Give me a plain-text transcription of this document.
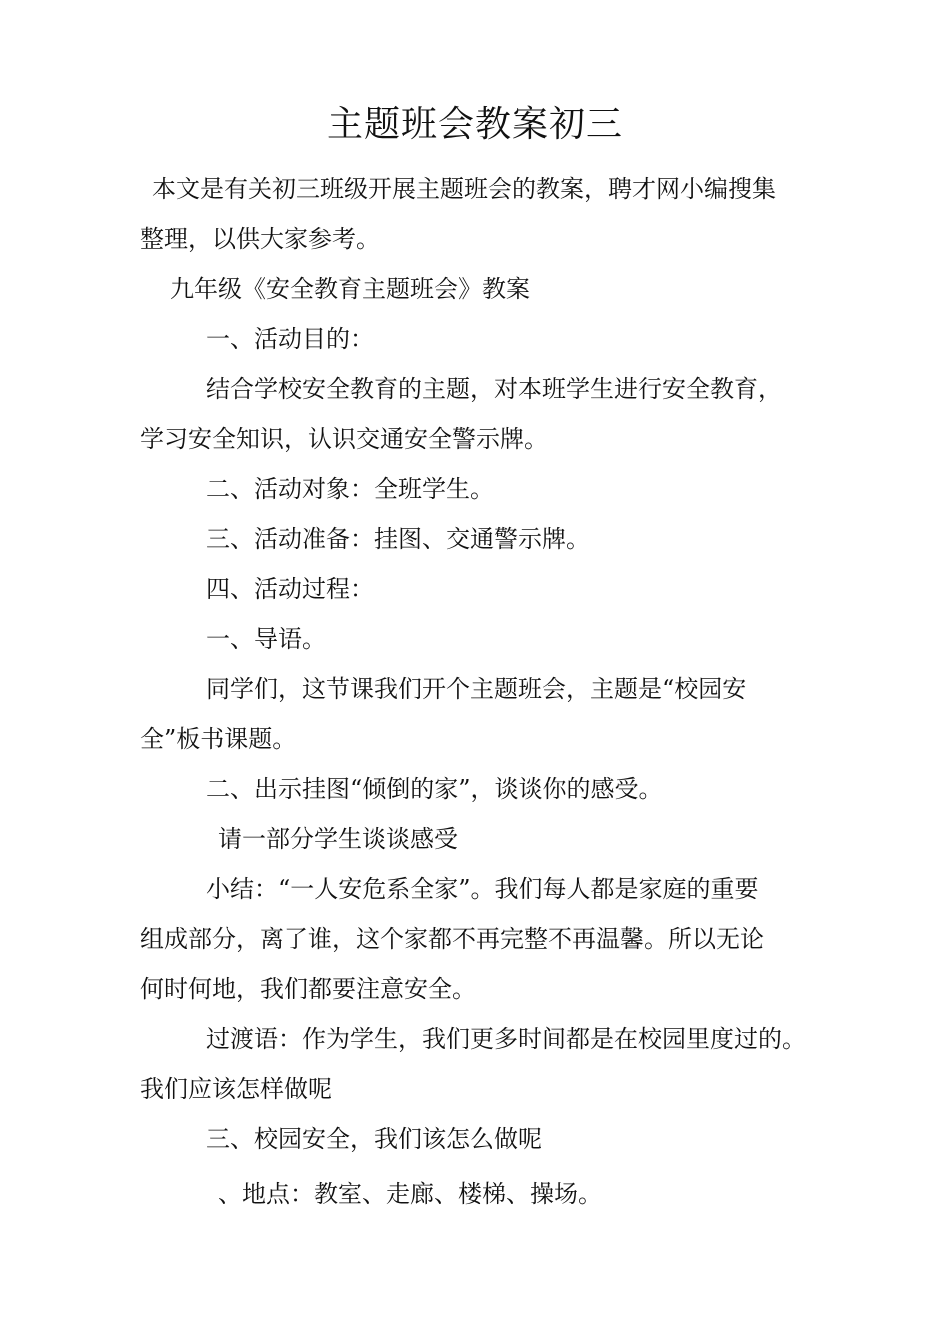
主题班会教案初三
本文是有关初三班级开展主题班会的教案，聘才网小编搜集
整理，以供大家参考。
九年级《安全教育主题班会》教案
一、活动目的：
结合学校安全教育的主题，对本班学生进行安全教育，
学习安全知识，认识交通安全警示牌。
二、活动对象：全班学生。
三、活动准备：挂图、交通警示牌。
四、活动过程：
一、导语。
同学们，这节课我们开个主题班会，主题是“校园安
全”板书课题。
二、出示挂图“倾倒的家”，谈谈你的感受。
请一部分学生谈谈感受
小结：“一人安危系全家”。我们每人都是家庭的重要
组成部分，离了谁，这个家都不再完整不再温馨。所以无论
何时何地，我们都要注意安全。
过渡语：作为学生，我们更多时间都是在校园里度过的。
我们应该怎样做呢
三、校园安全，我们该怎么做呢
、地点：教室、走廊、楼梯、操场。
